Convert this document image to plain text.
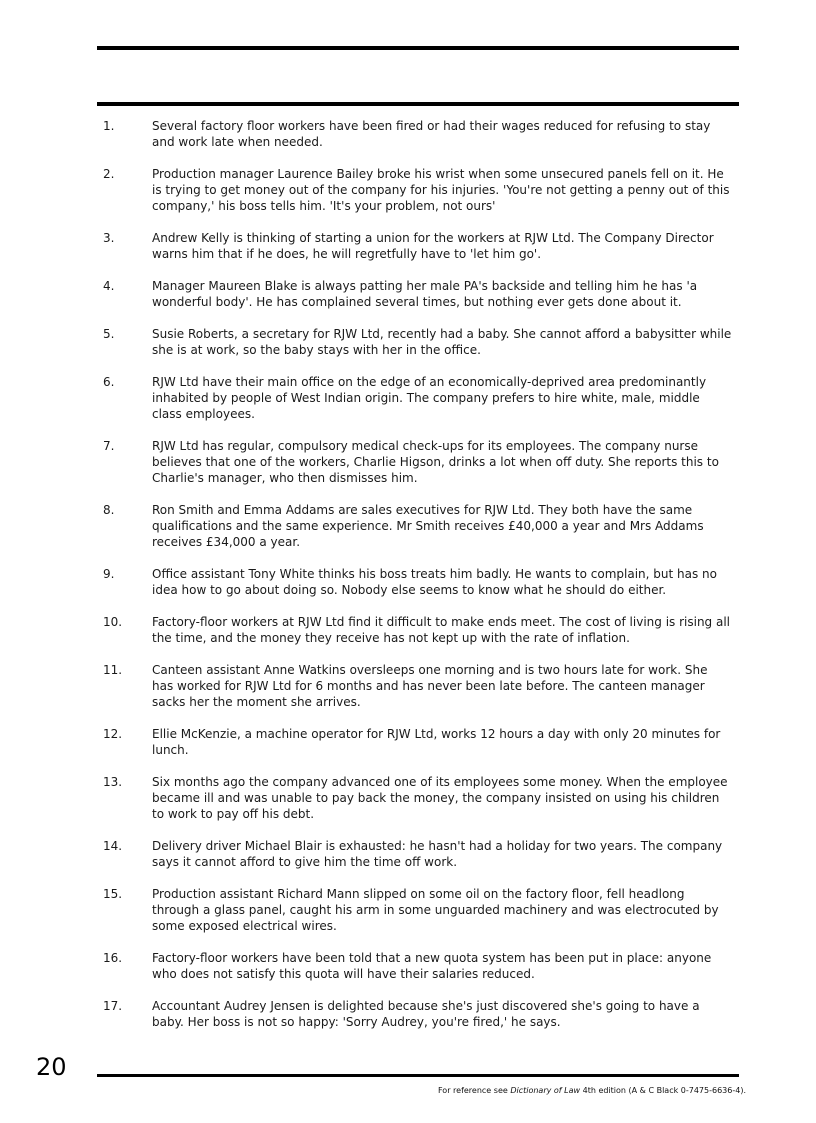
1.	Several factory floor workers have been fired or had their wages reduced for refusing to stay and work late when needed.
2.	Production manager Laurence Bailey broke his wrist when some unsecured panels fell on it. He is trying to get money out of the company for his injuries. 'You're not getting a penny out of this company,' his boss tells him. 'It's your problem, not ours'
3.	Andrew Kelly is thinking of starting a union for the workers at RJW Ltd. The Company Director warns him that if he does, he will regretfully have to 'let him go'.
4.	Manager Maureen Blake is always patting her male PA's backside and telling him he has 'a wonderful body'. He has complained several times, but nothing ever gets done about it.
5.	Susie Roberts, a secretary for RJW Ltd, recently had a baby. She cannot afford a babysitter while she is at work, so the baby stays with her in the office.
6.	RJW Ltd have their main office on the edge of an economically-deprived area predominantly inhabited by people of West Indian origin. The company prefers to hire white, male, middle class employees.
7.	RJW Ltd has regular, compulsory medical check-ups for its employees. The company nurse believes that one of the workers, Charlie Higson, drinks a lot when off duty. She reports this to Charlie's manager, who then dismisses him.
8.	Ron Smith and Emma Addams are sales executives for RJW Ltd. They both have the same qualifications and the same experience. Mr Smith receives £40,000 a year and Mrs Addams receives £34,000 a year.
9.	Office assistant Tony White thinks his boss treats him badly. He wants to complain, but has no idea how to go about doing so. Nobody else seems to know what he should do either.
10.	Factory-floor workers at RJW Ltd find it difficult to make ends meet. The cost of living is rising all the time, and the money they receive has not kept up with the rate of inflation.
11.	Canteen assistant Anne Watkins oversleeps one morning and is two hours late for work. She has worked for RJW Ltd for 6 months and has never been late before. The canteen manager sacks her the moment she arrives.
12.	Ellie McKenzie, a machine operator for RJW Ltd, works 12 hours a day with only 20 minutes for lunch.
13.	Six months ago the company advanced one of its employees some money. When the employee became ill and was unable to pay back the money, the company insisted on using his children to work to pay off his debt.
14.	Delivery driver Michael Blair is exhausted: he hasn't had a holiday for two years. The company says it cannot afford to give him the time off work.
15.	Production assistant Richard Mann slipped on some oil on the factory floor, fell headlong through a glass panel, caught his arm in some unguarded machinery and was electrocuted by some exposed electrical wires.
16.	Factory-floor workers have been told that a new quota system has been put in place: anyone who does not satisfy this quota will have their salaries reduced.
17.	Accountant Audrey Jensen is delighted because she's just discovered she's going to have a baby. Her boss is not so happy: 'Sorry Audrey, you're fired,' he says.
20
For reference see Dictionary of Law 4th edition (A & C Black 0-7475-6636-4).
